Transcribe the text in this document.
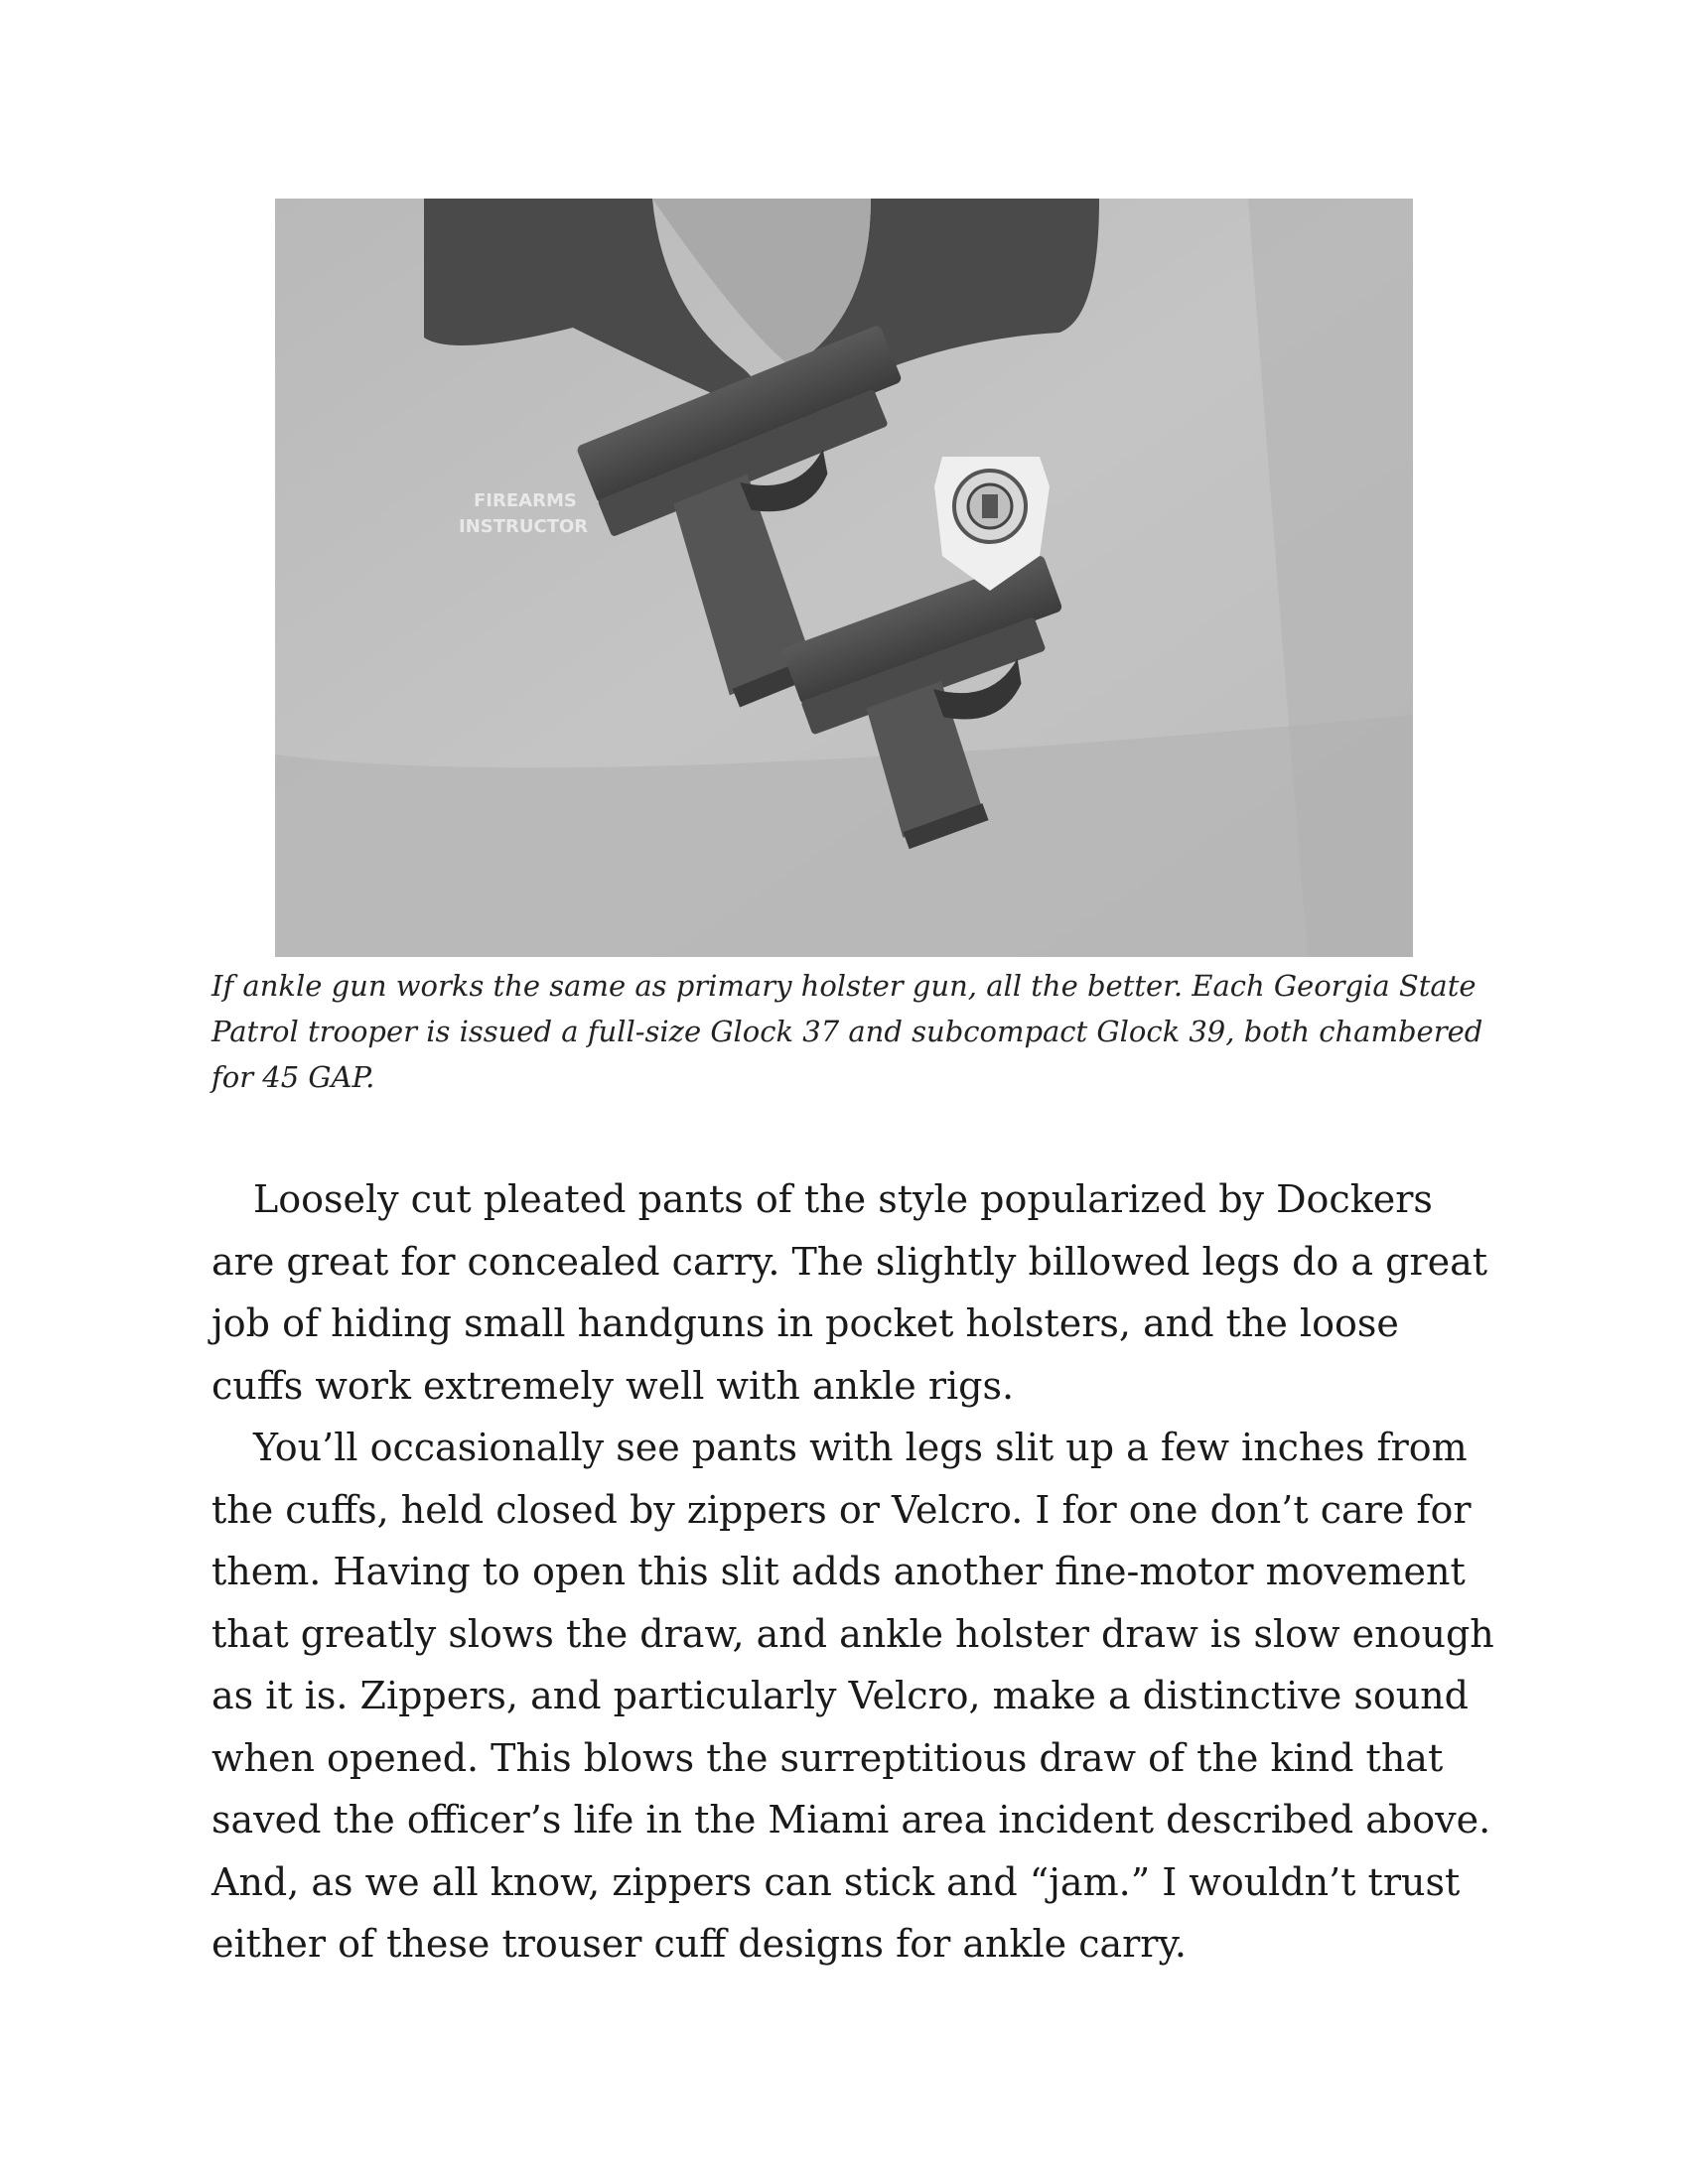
FIREARMS
INSTRUCTOR

If ankle gun works the same as primary holster gun, all the better. Each Georgia State Patrol trooper is issued a full-size Glock 37 and subcompact Glock 39, both chambered for 45 GAP.

Loosely cut pleated pants of the style popularized by Dockers are great for concealed carry. The slightly billowed legs do a great job of hiding small handguns in pocket holsters, and the loose cuffs work extremely well with ankle rigs.

You’ll occasionally see pants with legs slit up a few inches from the cuffs, held closed by zippers or Velcro. I for one don’t care for them. Having to open this slit adds another fine-motor movement that greatly slows the draw, and ankle holster draw is slow enough as it is. Zippers, and particularly Velcro, make a distinctive sound when opened. This blows the surreptitious draw of the kind that saved the officer’s life in the Miami area incident described above. And, as we all know, zippers can stick and “jam.” I wouldn’t trust either of these trouser cuff designs for ankle carry.
